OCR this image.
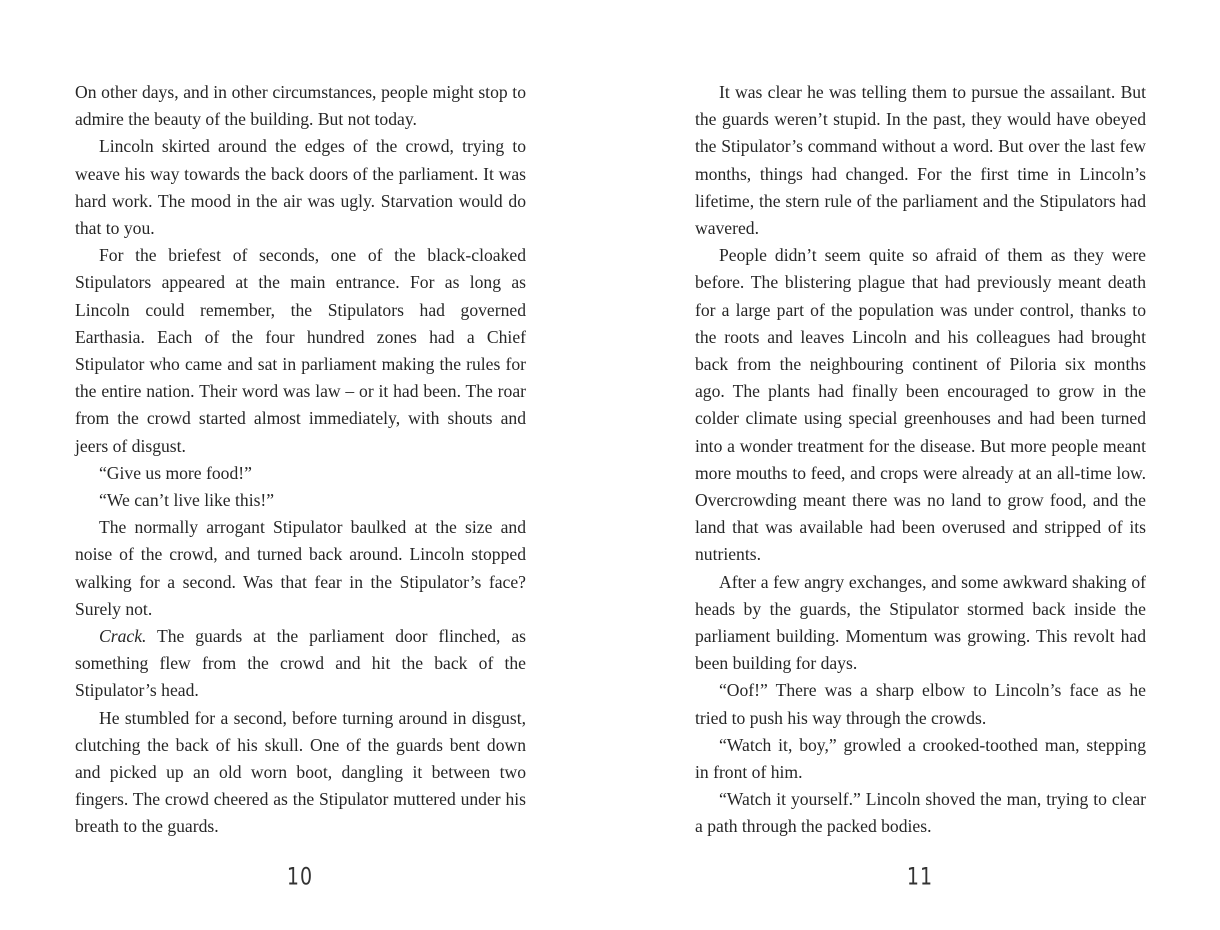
On other days, and in other circumstances, people might stop to admire the beauty of the building. But not today.

Lincoln skirted around the edges of the crowd, trying to weave his way towards the back doors of the parliament. It was hard work. The mood in the air was ugly. Starvation would do that to you.

For the briefest of seconds, one of the black-cloaked Stipulators appeared at the main entrance. For as long as Lincoln could remember, the Stipulators had governed Earthasia. Each of the four hundred zones had a Chief Stipulator who came and sat in parliament making the rules for the entire nation. Their word was law – or it had been. The roar from the crowd started almost immediately, with shouts and jeers of disgust.

“Give us more food!”

“We can’t live like this!”

The normally arrogant Stipulator baulked at the size and noise of the crowd, and turned back around. Lincoln stopped walking for a second. Was that fear in the Stipulator’s face? Surely not.

Crack. The guards at the parliament door flinched, as something flew from the crowd and hit the back of the Stipulator’s head.

He stumbled for a second, before turning around in disgust, clutching the back of his skull. One of the guards bent down and picked up an old worn boot, dangling it between two fingers. The crowd cheered as the Stipulator muttered under his breath to the guards.

10

It was clear he was telling them to pursue the assailant. But the guards weren’t stupid. In the past, they would have obeyed the Stipulator’s command without a word. But over the last few months, things had changed. For the first time in Lincoln’s lifetime, the stern rule of the parliament and the Stipulators had wavered.

People didn’t seem quite so afraid of them as they were before. The blistering plague that had previously meant death for a large part of the population was under control, thanks to the roots and leaves Lincoln and his colleagues had brought back from the neighbouring continent of Piloria six months ago. The plants had finally been encouraged to grow in the colder climate using special greenhouses and had been turned into a wonder treatment for the disease. But more people meant more mouths to feed, and crops were already at an all-time low. Overcrowding meant there was no land to grow food, and the land that was available had been overused and stripped of its nutrients.

After a few angry exchanges, and some awkward shaking of heads by the guards, the Stipulator stormed back inside the parliament building. Momentum was growing. This revolt had been building for days.

“Oof!” There was a sharp elbow to Lincoln’s face as he tried to push his way through the crowds.

“Watch it, boy,” growled a crooked-toothed man, stepping in front of him.

“Watch it yourself.” Lincoln shoved the man, trying to clear a path through the packed bodies.

11
